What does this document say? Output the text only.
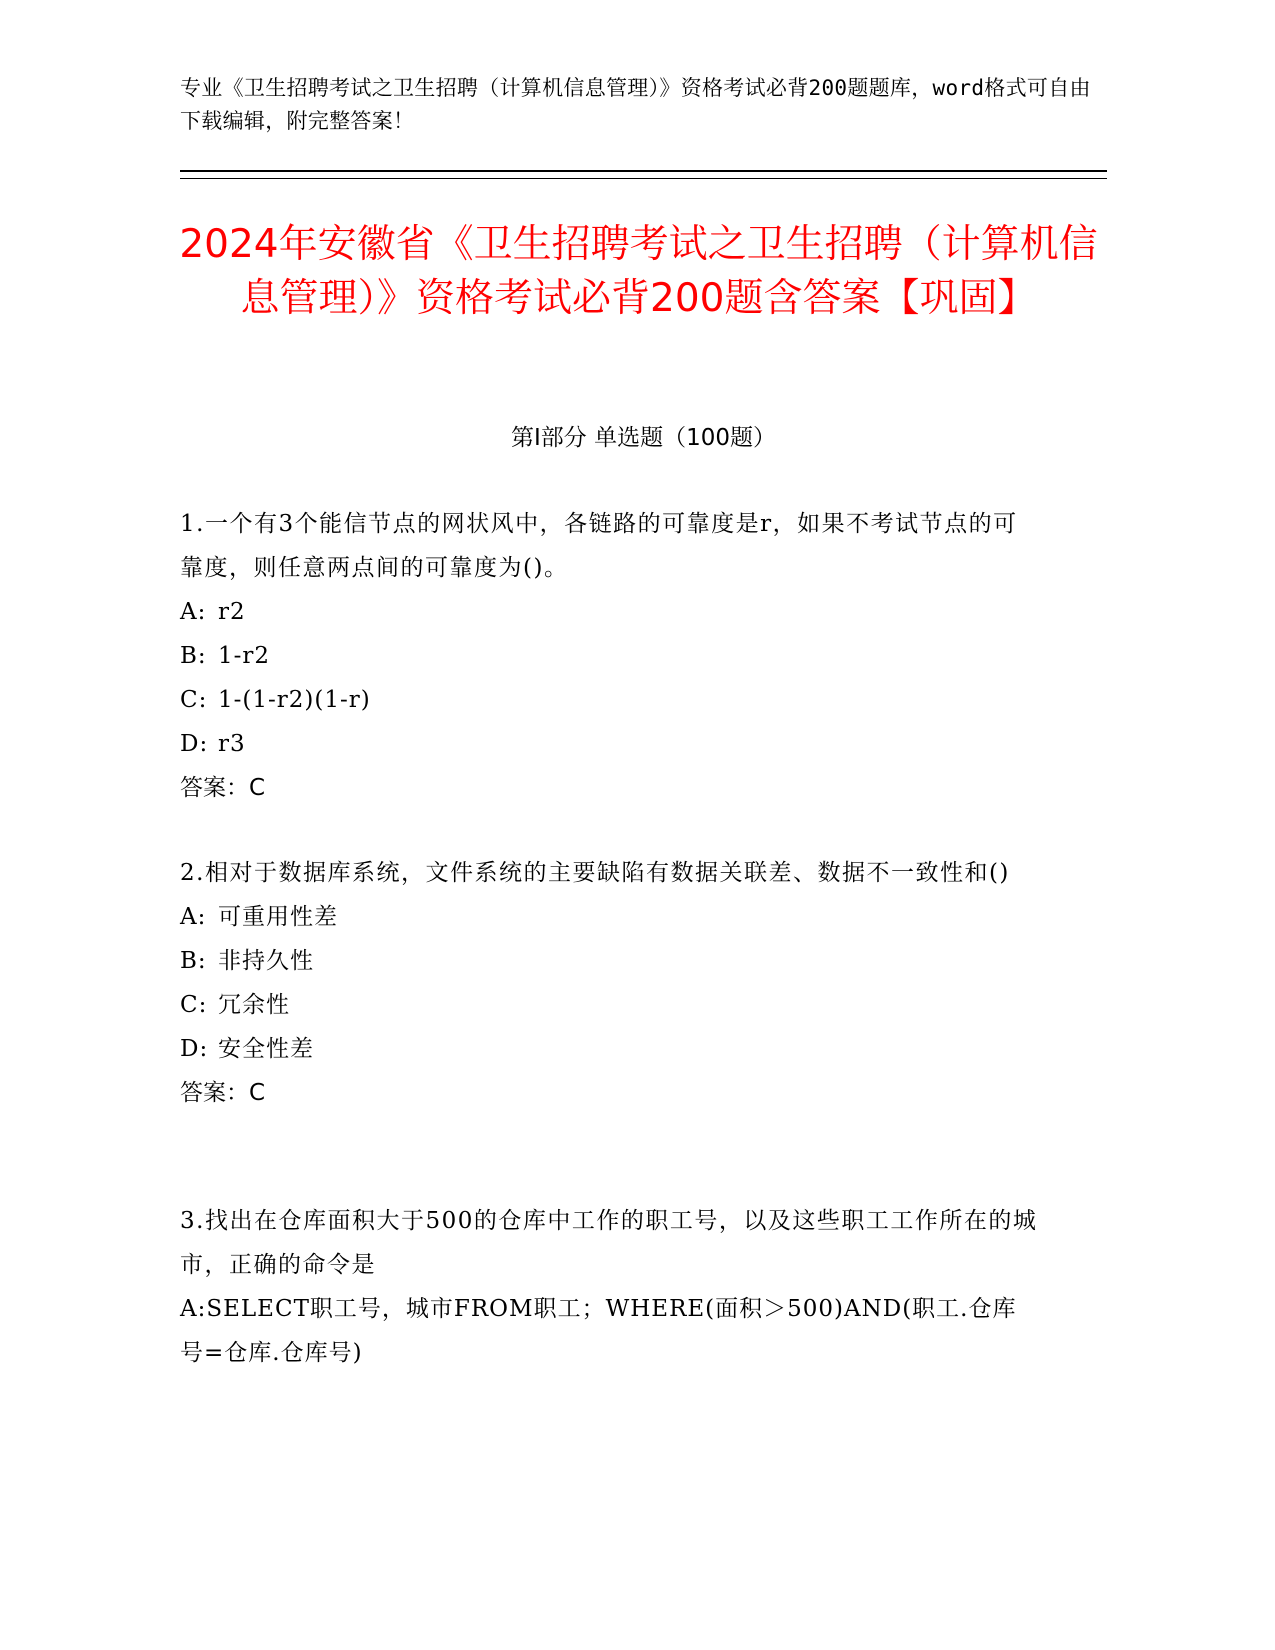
专业《卫生招聘考试之卫生招聘（计算机信息管理）》资格考试必背200题题库，word格式可自由下载编辑，附完整答案！
2024年安徽省《卫生招聘考试之卫生招聘（计算机信息管理）》资格考试必背200题含答案【巩固】
第I部分 单选题（100题）

1.一个有3个能信节点的网状风中，各链路的可靠度是r，如果不考试节点的可靠度，则任意两点间的可靠度为()。

A: r2

B: 1-r2

C: 1-(1-r2)(1-r)

D: r3

答案：C

2.相对于数据库系统，文件系统的主要缺陷有数据关联差、数据不一致性和()

A: 可重用性差

B: 非持久性

C: 冗余性

D: 安全性差

答案：C

3.找出在仓库面积大于500的仓库中工作的职工号，以及这些职工工作所在的城市，正确的命令是

A:SELECT职工号，城市FROM职工；WHERE(面积＞500)AND(职工.仓库号=仓库.仓库号)
